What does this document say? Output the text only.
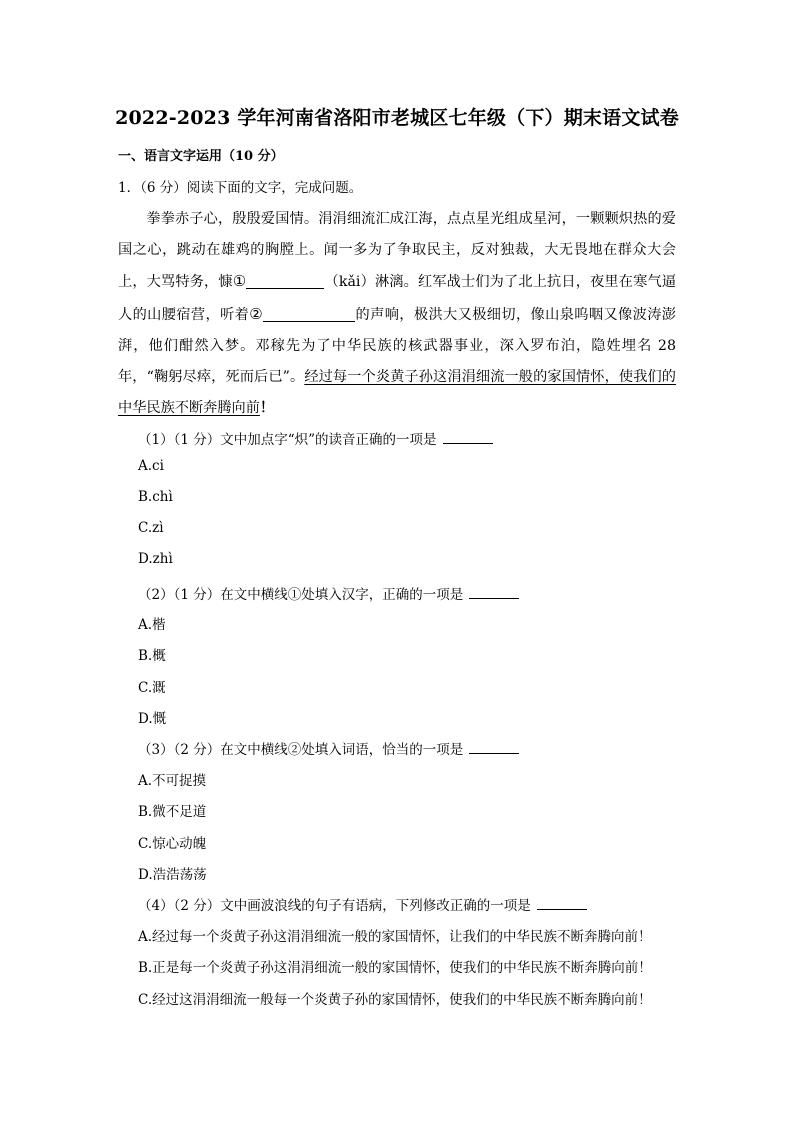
2022-2023 学年河南省洛阳市老城区七年级（下）期末语文试卷
一、语言文字运用（10 分）
1．（6 分）阅读下面的文字，完成问题。

拳拳赤子心，殷殷爱国情。涓涓细流汇成江海，点点星光组成星河，一颗颗炽热的爱国之心，跳动在雄鸡的胸膛上。闻一多为了争取民主，反对独裁，大无畏地在群众大会上，大骂特务，慷①	（kǎi）淋漓。红军战士们为了北上抗日，夜里在寒气逼人的山腰宿营，听着②	的声响，极洪大又极细切，像山泉呜咽又像波涛澎湃，他们酣然入梦。邓稼先为了中华民族的核武器事业，深入罗布泊，隐姓埋名 28 年，“鞠躬尽瘁，死而后已”。经过每一个炎黄子孙这涓涓细流一般的家国情怀，使我们的中华民族不断奔腾向前！

（1）（1 分）文中加点字“炽”的读音正确的一项是
A.ci
B.chì
C.zì
D.zhì
（2）（1 分）在文中横线①处填入汉字，正确的一项是
A.楷
B.概
C.溉
D.慨
（3）（2 分）在文中横线②处填入词语，恰当的一项是
A.不可捉摸
B.微不足道
C.惊心动魄
D.浩浩荡荡
（4）（2 分）文中画波浪线的句子有语病，下列修改正确的一项是
A.经过每一个炎黄子孙这涓涓细流一般的家国情怀，让我们的中华民族不断奔腾向前！
B.正是每一个炎黄子孙这涓涓细流一般的家国情怀，使我们的中华民族不断奔腾向前！
C.经过这涓涓细流一般每一个炎黄子孙的家国情怀，使我们的中华民族不断奔腾向前！
